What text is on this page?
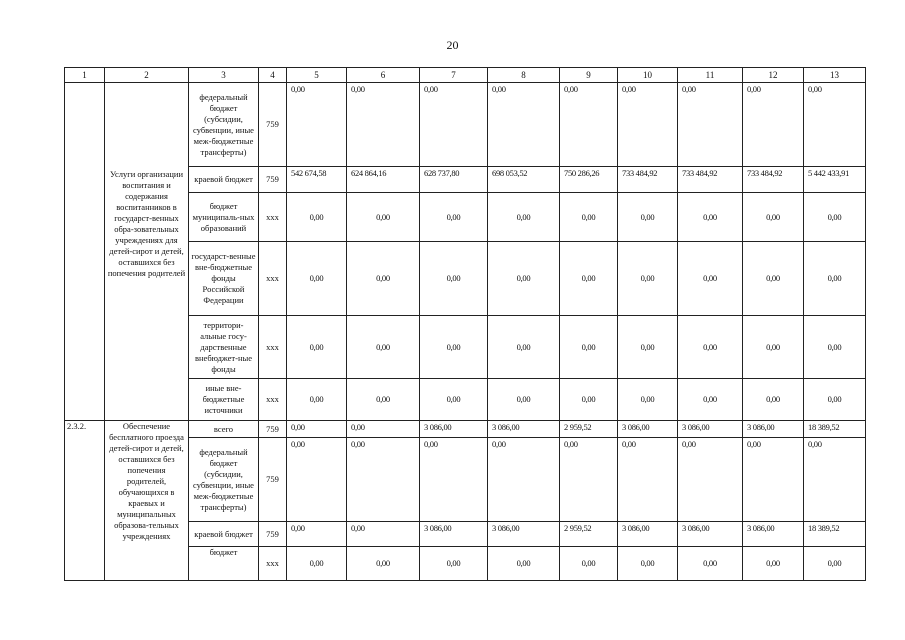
20
1	2	3	4	5	6	7	8	9	10	11	12	13
	Услуги организации воспитания и содержания воспитанников в государст-венных обра-зовательных учреждениях для детей-сирот и детей, оставшихся без попечения родителей	федеральный бюджет (субсидии, субвенции, иные меж-бюджетные трансферты)	759	0,00	0,00	0,00	0,00	0,00	0,00	0,00	0,00	0,00
		краевой бюджет	759	542 674,58	624 864,16	628 737,80	698 053,52	750 286,26	733 484,92	733 484,92	733 484,92	5 442 433,91
		бюджет муниципаль-ных образований	ххх	0,00	0,00	0,00	0,00	0,00	0,00	0,00	0,00	0,00
		государст-венные вне-бюджетные фонды Российской Федерации	ххх	0,00	0,00	0,00	0,00	0,00	0,00	0,00	0,00	0,00
		территори-альные госу-дарственные внебюджет-ные фонды	ххх	0,00	0,00	0,00	0,00	0,00	0,00	0,00	0,00	0,00
		иные вне-бюджетные источники	ххх	0,00	0,00	0,00	0,00	0,00	0,00	0,00	0,00	0,00
2.3.2.	Обеспечение бесплатного проезда детей-сирот и детей, оставшихся без попечения родителей, обучающихся в краевых и муниципальных образова-тельных учреждениях	всего	759	0,00	0,00	3 086,00	3 086,00	2 959,52	3 086,00	3 086,00	3 086,00	18 389,52
		федеральный бюджет (субсидии, субвенции, иные меж-бюджетные трансферты)	759	0,00	0,00	0,00	0,00	0,00	0,00	0,00	0,00	0,00
		краевой бюджет	759	0,00	0,00	3 086,00	3 086,00	2 959,52	3 086,00	3 086,00	3 086,00	18 389,52
		бюджет	ххх	0,00	0,00	0,00	0,00	0,00	0,00	0,00	0,00	0,00
